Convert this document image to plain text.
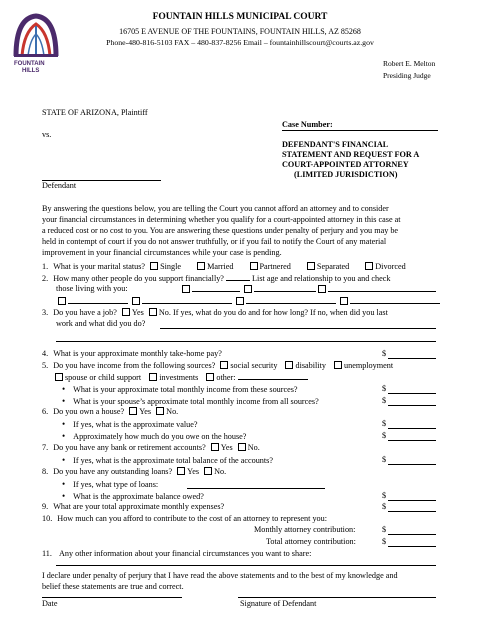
FOUNTAIN
HILLS
FOUNTAIN HILLS MUNICIPAL COURT
16705 E AVENUE OF THE FOUNTAINS, FOUNTAIN HILLS, AZ 85268
Phone-480-816-5103 FAX – 480-837-8256 Email – fountainhillscourt@courts.az.gov
Robert E. Melton
Presiding Judge
STATE OF ARIZONA, Plaintiff
vs.
Defendant
Case Number:
DEFENDANT'S FINANCIAL
STATEMENT AND REQUEST FOR A
COURT-APPOINTED ATTORNEY
(LIMITED JURISDICTION)
By answering the questions below, you are telling the Court you cannot afford an attorney and to consider
your financial circumstances in determining whether you qualify for a court-appointed attorney in this case at
a reduced cost or no cost to you. You are answering these questions under penalty of perjury and you may be
held in contempt of court if you do not answer truthfully, or if you fail to notify the Court of any material
improvement in your financial circumstances while your case is pending.
1. What is your marital status? Single	Married	Partnered	Separated	Divorced
2. How many other people do you support financially?	List age and relationship to you and check
those living with you:
3. Do you have a job? Yes No. If yes, what do you do and for how long? If no, when did you last
work and what did you do?
4. What is your approximate monthly take-home pay?	$
5. Do you have income from the following sources? social security disability unemployment
spouse or child support investments other:
• What is your approximate total monthly income from these sources?	$
• What is your spouse’s approximate total monthly income from all sources?	$
6. Do you own a house? Yes No.
• If yes, what is the approximate value?	$
• Approximately how much do you owe on the house?	$
7. Do you have any bank or retirement accounts? Yes No.
• If yes, what is the approximate total balance of the accounts?	$
8. Do you have any outstanding loans? Yes No.
• If yes, what type of loans:
• What is the approximate balance owed?	$
9. What are your total approximate monthly expenses?	$
10. How much can you afford to contribute to the cost of an attorney to represent you:
Monthly attorney contribution:	$
Total attorney contribution:	$
11. Any other information about your financial circumstances you want to share:
I declare under penalty of perjury that I have read the above statements and to the best of my knowledge and
belief these statements are true and correct.
Date	Signature of Defendant
